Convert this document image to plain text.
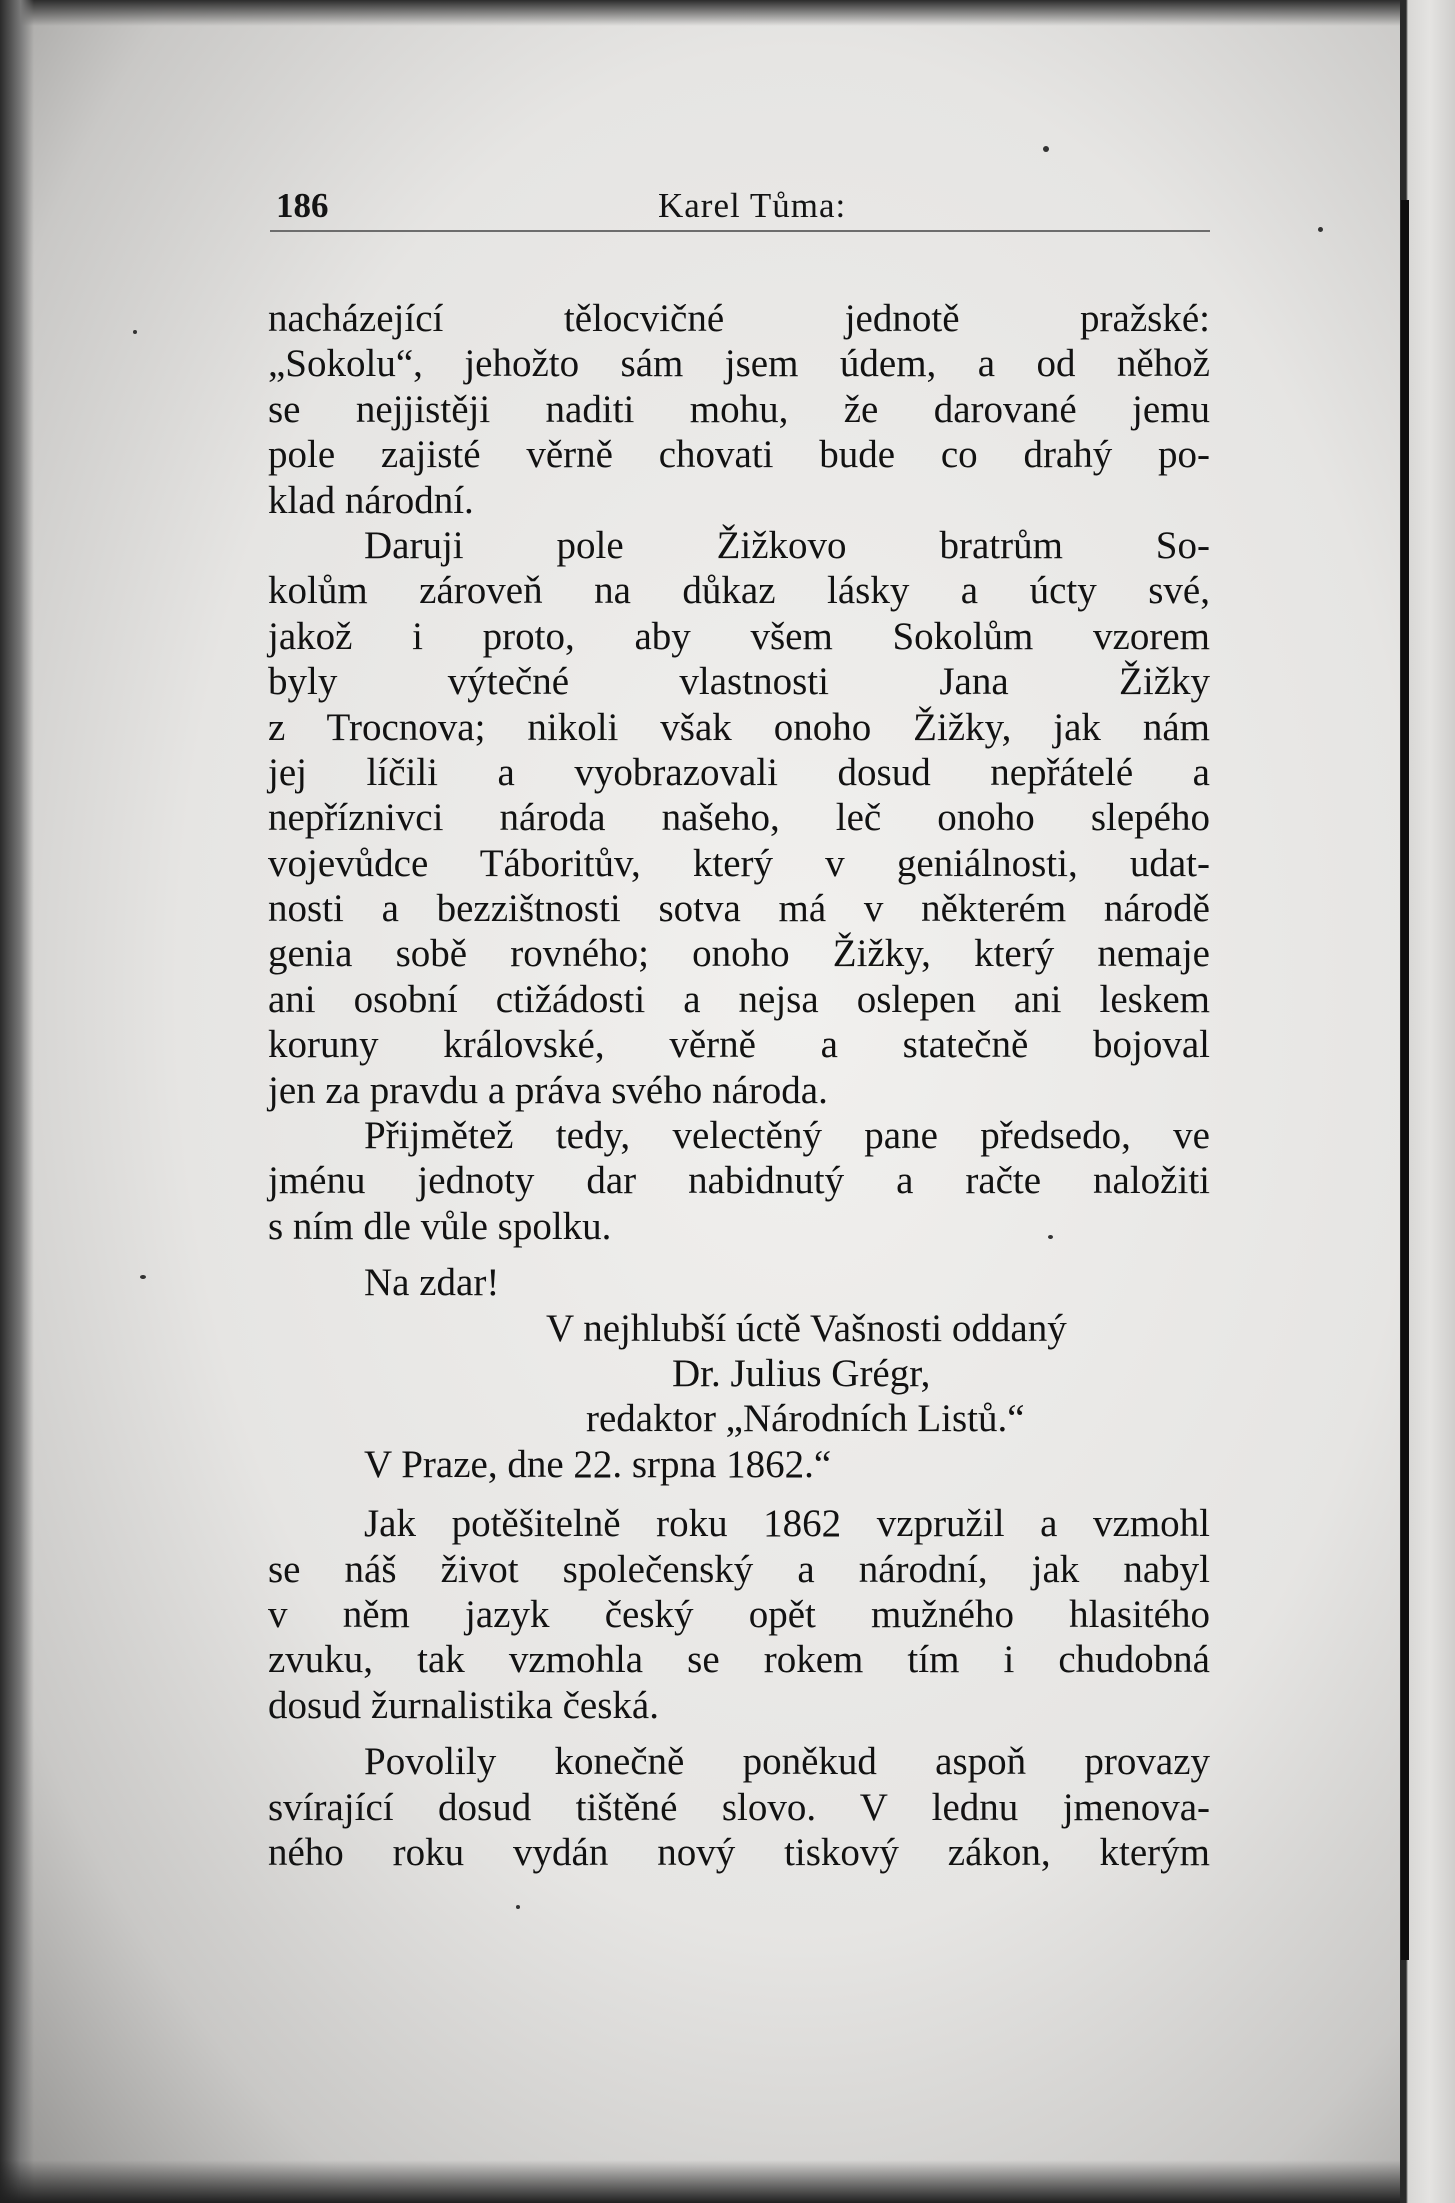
186	Karel Tůma:
nacházející tělocvičné jednotě pražské:
„Sokolu“, jehožto sám jsem údem, a od něhož
se nejjistěji naditi mohu, že darované jemu
pole zajisté věrně chovati bude co drahý po-
klad národní.
Daruji pole Žižkovo bratrům So-
kolům zároveň na důkaz lásky a úcty své,
jakož i proto, aby všem Sokolům vzorem
byly výtečné vlastnosti Jana Žižky
z Trocnova; nikoli však onoho Žižky, jak nám
jej líčili a vyobrazovali dosud nepřátelé a
nepříznivci národa našeho, leč onoho slepého
vojevůdce Táboritův, který v geniálnosti, udat-
nosti a bezzištnosti sotva má v některém národě
genia sobě rovného; onoho Žižky, který nemaje
ani osobní ctižádosti a nejsa oslepen ani leskem
koruny královské, věrně a statečně bojoval
jen za pravdu a práva svého národa.
Přijmětež tedy, velectěný pane předsedo, ve
jménu jednoty dar nabidnutý a račte naložiti
s ním dle vůle spolku.
Na zdar!
V nejhlubší úctě Vašnosti oddaný
Dr. Julius Grégr,
redaktor „Národních Listů.“
V Praze, dne 22. srpna 1862.“
Jak potěšitelně roku 1862 vzpružil a vzmohl
se náš život společenský a národní, jak nabyl
v něm jazyk český opět mužného hlasitého
zvuku, tak vzmohla se rokem tím i chudobná
dosud žurnalistika česká.
Povolily konečně poněkud aspoň provazy
svírající dosud tištěné slovo. V lednu jmenova-
ného roku vydán nový tiskový zákon, kterým
